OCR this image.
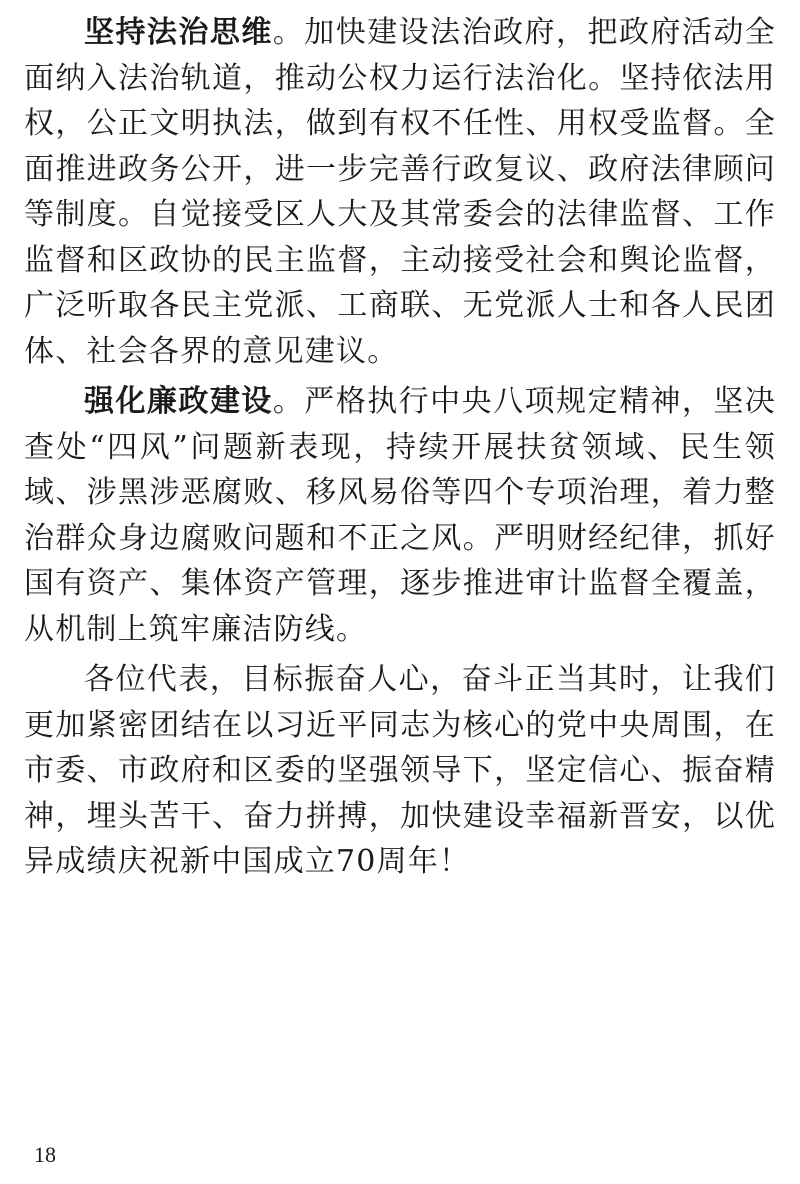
坚持法治思维。加快建设法治政府，把政府活动全面纳入法治轨道，推动公权力运行法治化。坚持依法用权，公正文明执法，做到有权不任性、用权受监督。全面推进政务公开，进一步完善行政复议、政府法律顾问等制度。自觉接受区人大及其常委会的法律监督、工作监督和区政协的民主监督，主动接受社会和舆论监督，广泛听取各民主党派、工商联、无党派人士和各人民团体、社会各界的意见建议。

强化廉政建设。严格执行中央八项规定精神，坚决查处“四风”问题新表现，持续开展扶贫领域、民生领域、涉黑涉恶腐败、移风易俗等四个专项治理，着力整治群众身边腐败问题和不正之风。严明财经纪律，抓好国有资产、集体资产管理，逐步推进审计监督全覆盖，从机制上筑牢廉洁防线。

各位代表，目标振奋人心，奋斗正当其时，让我们更加紧密团结在以习近平同志为核心的党中央周围，在市委、市政府和区委的坚强领导下，坚定信心、振奋精神，埋头苦干、奋力拼搏，加快建设幸福新晋安，以优异成绩庆祝新中国成立70周年！

18
